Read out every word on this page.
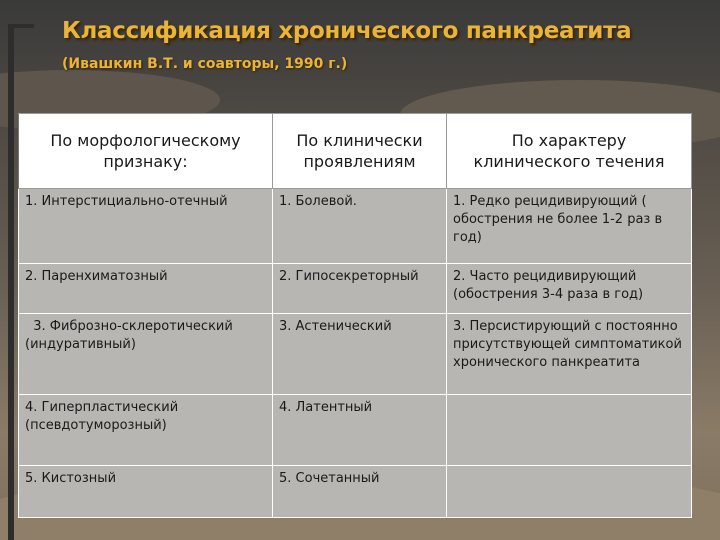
Классификация хронического панкреатита

(Ивашкин В.Т. и соавторы, 1990 г.)

По морфологическому признаку:	По клинически проявлениям	По характеру клинического течения
1. Интерстициально-отечный	1. Болевой.	1. Редко рецидивирующий ( обострения не более 1-2 раз в год)
2. Паренхиматозный	2. Гипосекреторный	2. Часто рецидивирующий (обострения 3-4 раза в год)
3. Фиброзно-склеротический (индуративный)	3. Астенический	3. Персистирующий с постоянно присутствующей симптоматикой хронического панкреатита
4. Гиперпластический (псевдотуморозный)	4. Латентный	
5. Кистозный	5. Сочетанный	
